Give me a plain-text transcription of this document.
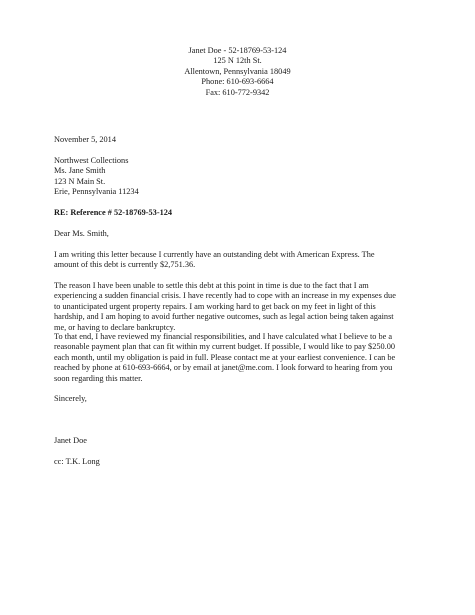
Janet Doe - 52-18769-53-124
125 N 12th St.
Allentown, Pennsylvania 18049
Phone: 610-693-6664
Fax: 610-772-9342
November 5, 2014
Northwest Collections
Ms. Jane Smith
123 N Main St.
Erie, Pennsylvania 11234
RE: Reference # 52-18769-53-124
Dear Ms. Smith,
I am writing this letter because I currently have an outstanding debt with American Express. The
amount of this debt is currently $2,751.36.
The reason I have been unable to settle this debt at this point in time is due to the fact that I am
experiencing a sudden financial crisis. I have recently had to cope with an increase in my expenses due
to unanticipated urgent property repairs. I am working hard to get back on my feet in light of this
hardship, and I am hoping to avoid further negative outcomes, such as legal action being taken against
me, or having to declare bankruptcy.
To that end, I have reviewed my financial responsibilities, and I have calculated what I believe to be a
reasonable payment plan that can fit within my current budget. If possible, I would like to pay $250.00
each month, until my obligation is paid in full. Please contact me at your earliest convenience. I can be
reached by phone at 610-693-6664, or by email at janet@me.com. I look forward to hearing from you
soon regarding this matter.
Sincerely,
Janet Doe
cc: T.K. Long
